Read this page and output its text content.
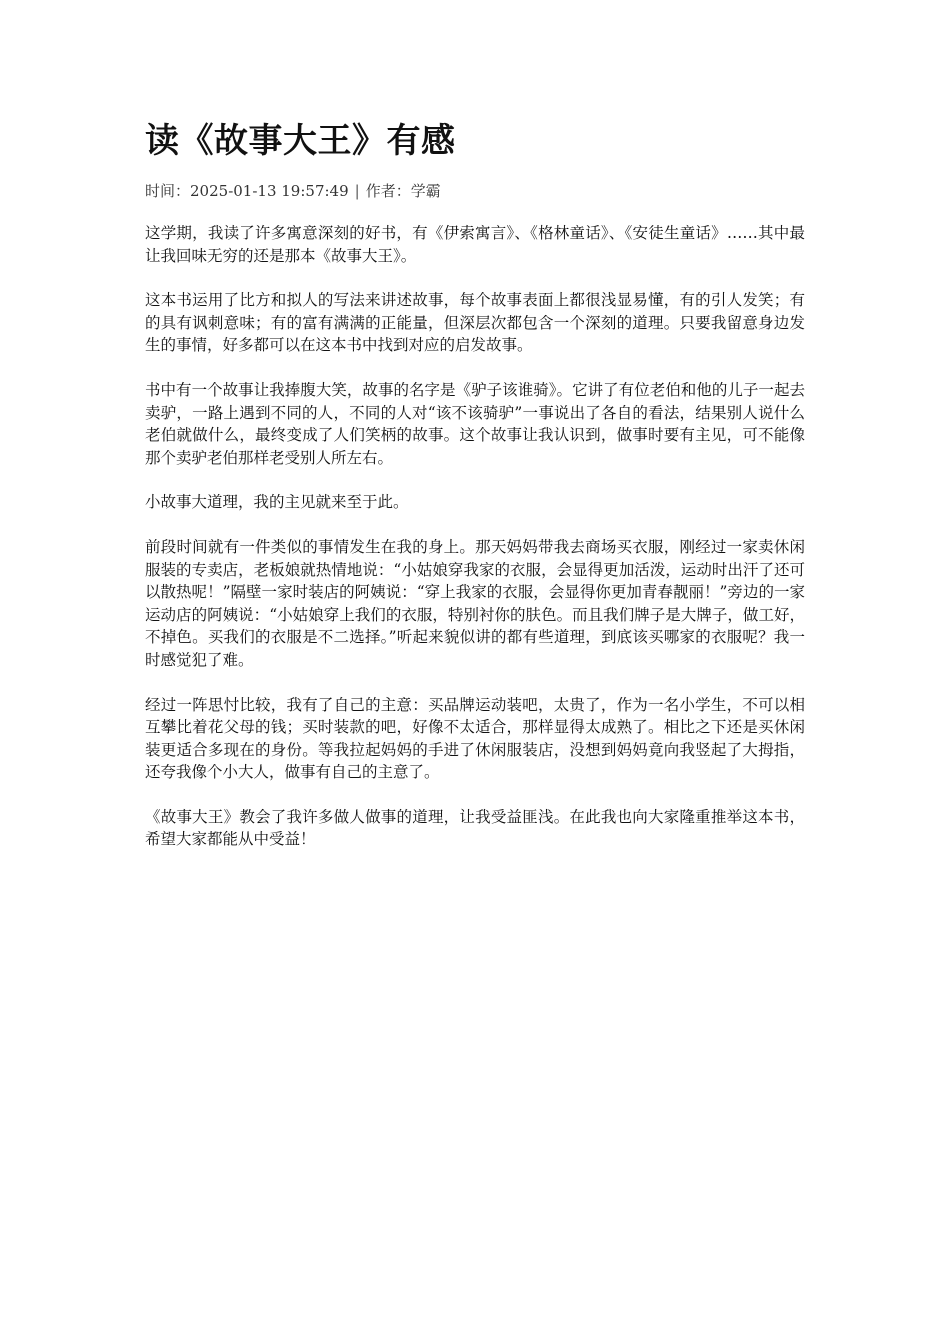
读《故事大王》有感
时间：2025-01-13 19:57:49 | 作者：学霸

这学期，我读了许多寓意深刻的好书，有《伊索寓言》、《格林童话》、《安徒生童话》……其中最让我回味无穷的还是那本《故事大王》。

这本书运用了比方和拟人的写法来讲述故事，每个故事表面上都很浅显易懂，有的引人发笑；有的具有讽刺意味；有的富有满满的正能量，但深层次都包含一个深刻的道理。只要我留意身边发生的事情，好多都可以在这本书中找到对应的启发故事。

书中有一个故事让我捧腹大笑，故事的名字是《驴子该谁骑》。它讲了有位老伯和他的儿子一起去卖驴，一路上遇到不同的人，不同的人对“该不该骑驴”一事说出了各自的看法，结果别人说什么老伯就做什么，最终变成了人们笑柄的故事。这个故事让我认识到，做事时要有主见，可不能像那个卖驴老伯那样老受别人所左右。

小故事大道理，我的主见就来至于此。

前段时间就有一件类似的事情发生在我的身上。那天妈妈带我去商场买衣服，刚经过一家卖休闲服装的专卖店，老板娘就热情地说：“小姑娘穿我家的衣服，会显得更加活泼，运动时出汗了还可以散热呢！”隔壁一家时装店的阿姨说：“穿上我家的衣服，会显得你更加青春靓丽！”旁边的一家运动店的阿姨说：“小姑娘穿上我们的衣服，特别衬你的肤色。而且我们牌子是大牌子，做工好，不掉色。买我们的衣服是不二选择。”听起来貌似讲的都有些道理，到底该买哪家的衣服呢？我一时感觉犯了难。

经过一阵思忖比较，我有了自己的主意：买品牌运动装吧，太贵了，作为一名小学生，不可以相互攀比着花父母的钱；买时装款的吧，好像不太适合，那样显得太成熟了。相比之下还是买休闲装更适合多现在的身份。等我拉起妈妈的手进了休闲服装店，没想到妈妈竟向我竖起了大拇指，还夸我像个小大人，做事有自己的主意了。

《故事大王》教会了我许多做人做事的道理，让我受益匪浅。在此我也向大家隆重推举这本书，希望大家都能从中受益！
